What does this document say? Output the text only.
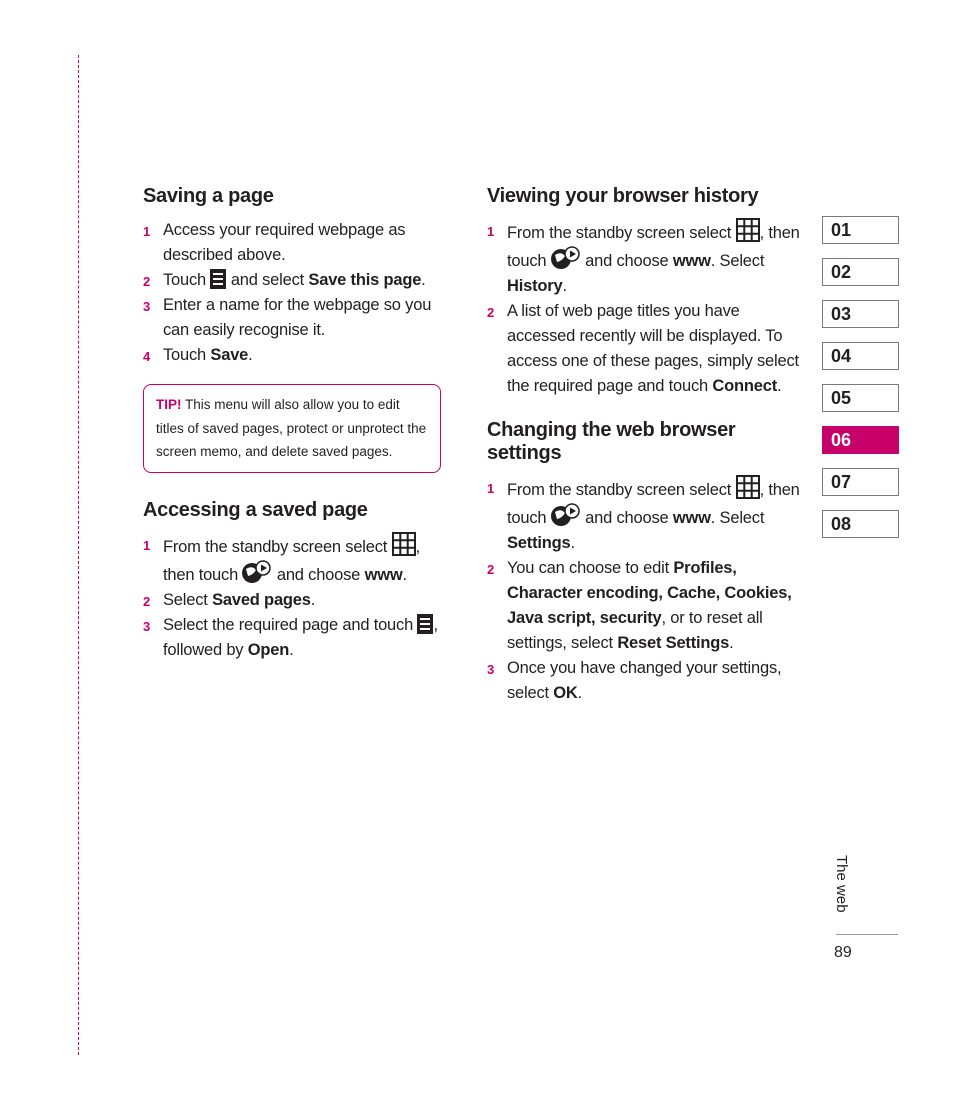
Saving a page
1 Access your required webpage as described above.
2 Touch and select Save this page.
3 Enter a name for the webpage so you can easily recognise it.
4 Touch Save.
TIP! This menu will also allow you to edit titles of saved pages, protect or unprotect the screen memo, and delete saved pages.
Accessing a saved page
1 From the standby screen select , then touch and choose www.
2 Select Saved pages.
3 Select the required page and touch , followed by Open.
Viewing your browser history
1 From the standby screen select , then touch and choose www. Select History.
2 A list of web page titles you have accessed recently will be displayed. To access one of these pages, simply select the required page and touch Connect.
Changing the web browser settings
1 From the standby screen select , then touch and choose www. Select Settings.
2 You can choose to edit Profiles, Character encoding, Cache, Cookies, Java script, security, or to reset all settings, select Reset Settings.
3 Once you have changed your settings, select OK.
01
02
03
04
05
06
07
08
The web
89
